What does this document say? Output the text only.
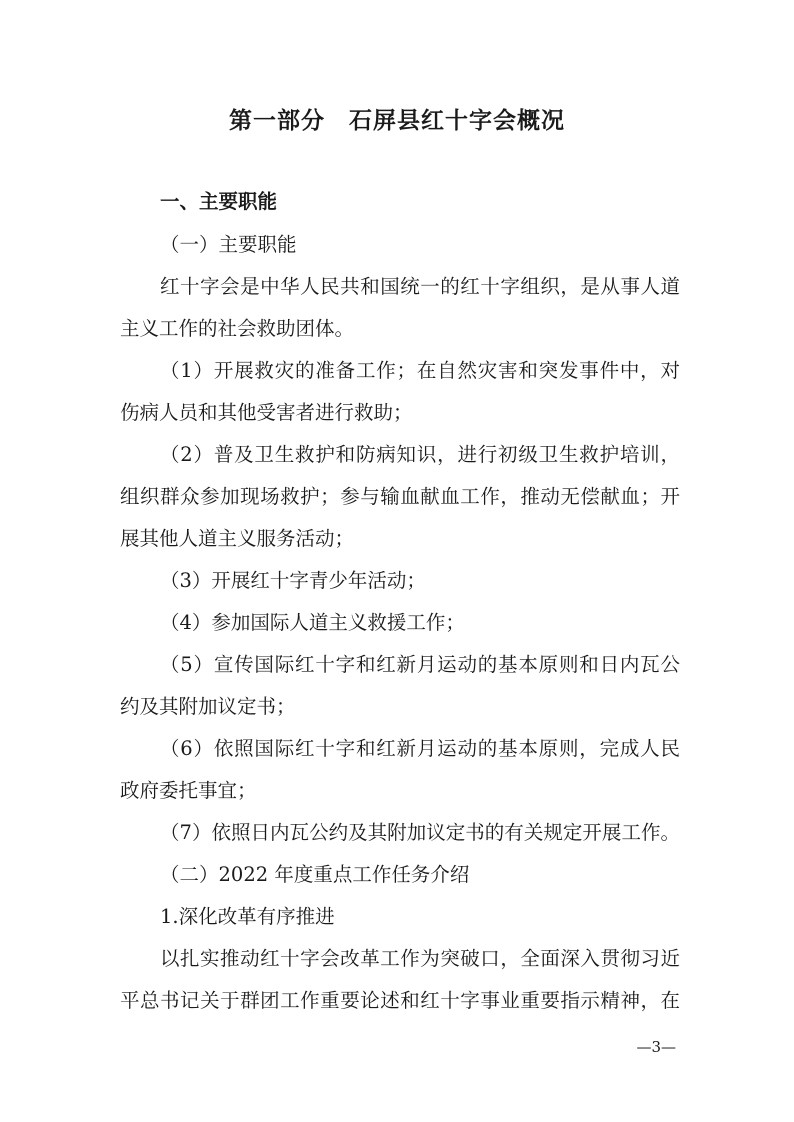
第一部分　石屏县红十字会概况

一、主要职能

（一）主要职能

红十字会是中华人民共和国统一的红十字组织，是从事人道

主义工作的社会救助团体。

（1）开展救灾的准备工作；在自然灾害和突发事件中，对

伤病人员和其他受害者进行救助；

（2）普及卫生救护和防病知识，进行初级卫生救护培训，

组织群众参加现场救护；参与输血献血工作，推动无偿献血；开

展其他人道主义服务活动；

（3）开展红十字青少年活动；

（4）参加国际人道主义救援工作；

（5）宣传国际红十字和红新月运动的基本原则和日内瓦公

约及其附加议定书；

（6）依照国际红十字和红新月运动的基本原则，完成人民

政府委托事宜；

（7）依照日内瓦公约及其附加议定书的有关规定开展工作。

（二）2022 年度重点工作任务介绍

1.深化改革有序推进

以扎实推动红十字会改革工作为突破口，全面深入贯彻习近

平总书记关于群团工作重要论述和红十字事业重要指示精神，在

—3—
